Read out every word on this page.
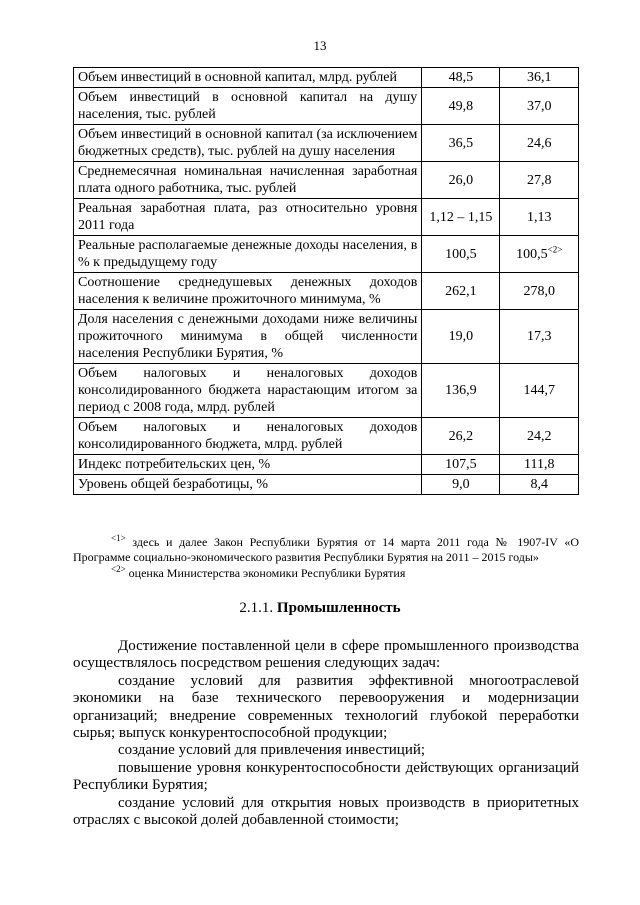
13
Объем инвестиций в основной капитал, млрд. рублей	48,5	36,1
Объем инвестиций в основной капитал на душу населения, тыс. рублей	49,8	37,0
Объем инвестиций в основной капитал (за исключением бюджетных средств), тыс. рублей на душу населения	36,5	24,6
Среднемесячная номинальная начисленная заработная плата одного работника, тыс. рублей	26,0	27,8
Реальная заработная плата, раз относительно уровня 2011 года	1,12 – 1,15	1,13
Реальные располагаемые денежные доходы населения, в % к предыдущему году	100,5	100,5$^{<2>}$
Соотношение среднедушевых денежных доходов населения к величине прожиточного минимума, %	262,1	278,0
Доля населения с денежными доходами ниже величины прожиточного минимума в общей численности населения Республики Бурятия, %	19,0	17,3
Объем налоговых и неналоговых доходов консолидированного бюджета нарастающим итогом за период с 2008 года, млрд. рублей	136,9	144,7
Объем налоговых и неналоговых доходов консолидированного бюджета, млрд. рублей	26,2	24,2
Индекс потребительских цен, %	107,5	111,8
Уровень общей безработицы, %	9,0	8,4

$^{<1>}$ здесь и далее Закон Республики Бурятия от 14 марта 2011 года № 1907-IV «О Программе социально-экономического развития Республики Бурятия на 2011 – 2015 годы»

$^{<2>}$ оценка Министерства экономики Республики Бурятия

2.1.1. Промышленность

Достижение поставленной цели в сфере промышленного производства осуществлялось посредством решения следующих задач:

создание условий для развития эффективной многоотраслевой экономики на базе технического перевооружения и модернизации организаций; внедрение современных технологий глубокой переработки сырья; выпуск конкурентоспособной продукции;

создание условий для привлечения инвестиций;

повышение уровня конкурентоспособности действующих организаций Республики Бурятия;

создание условий для открытия новых производств в приоритетных отраслях с высокой долей добавленной стоимости;
